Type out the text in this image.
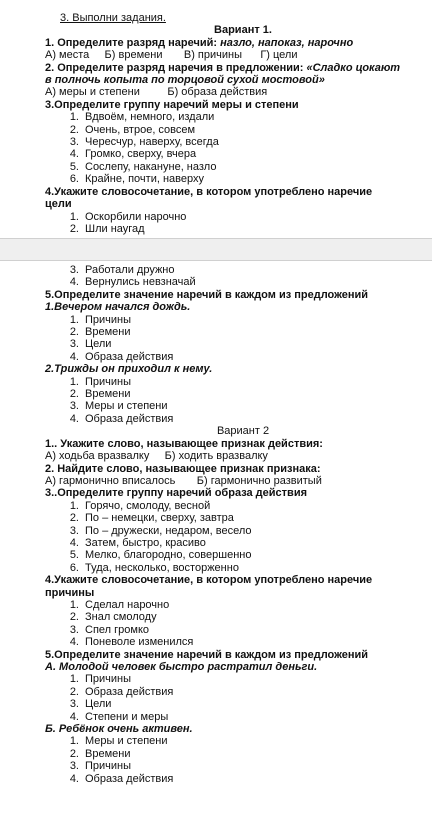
3. Выполни задания.
Вариант 1.
1. Определите разряд наречий: назло, напоказ, нарочно
А) места     Б) времени       В) причины      Г) цели
2. Определите разряд наречия в предложении: «Сладко цокают
в полночь копыта по торцовой сухой мостовой»
А) меры и степени         Б) образа действия
3.Определите группу наречий меры и степени
1. Вдвоём, немного, издали
2. Очень, втрое, совсем
3. Чересчур, наверху, всегда
4. Громко, сверху, вчера
5. Сослепу, накануне, назло
6. Крайне, почти, наверху
4.Укажите словосочетание, в котором употреблено наречие
цели
1. Оскорбили нарочно
2. Шли наугад
3. Работали дружно
4. Вернулись невзначай
5.Определите значение наречий в каждом из предложений
1.Вечером начался дождь.
1. Причины
2. Времени
3. Цели
4. Образа действия
2.Трижды он приходил к нему.
1. Причины
2. Времени
3. Меры и степени
4. Образа действия
Вариант 2
1.. Укажите слово, называющее признак действия:
А) ходьба вразвалку     Б) ходить вразвалку
2. Найдите слово, называющее признак признака:
А) гармонично вписалось       Б) гармонично развитый
3..Определите группу наречий образа действия
1. Горячо, смолоду, весной
2. По – немецки, сверху, завтра
3. По – дружески, недаром, весело
4. Затем, быстро, красиво
5. Мелко, благородно, совершенно
6. Туда, несколько, восторженно
4.Укажите словосочетание, в котором употреблено наречие
причины
1. Сделал нарочно
2. Знал смолоду
3. Спел громко
4. Поневоле изменился
5.Определите значение наречий в каждом из предложений
А. Молодой человек быстро растратил деньги.
1. Причины
2. Образа действия
3. Цели
4. Степени и меры
Б. Ребёнок очень активен.
1. Меры и степени
2. Времени
3. Причины
4. Образа действия
